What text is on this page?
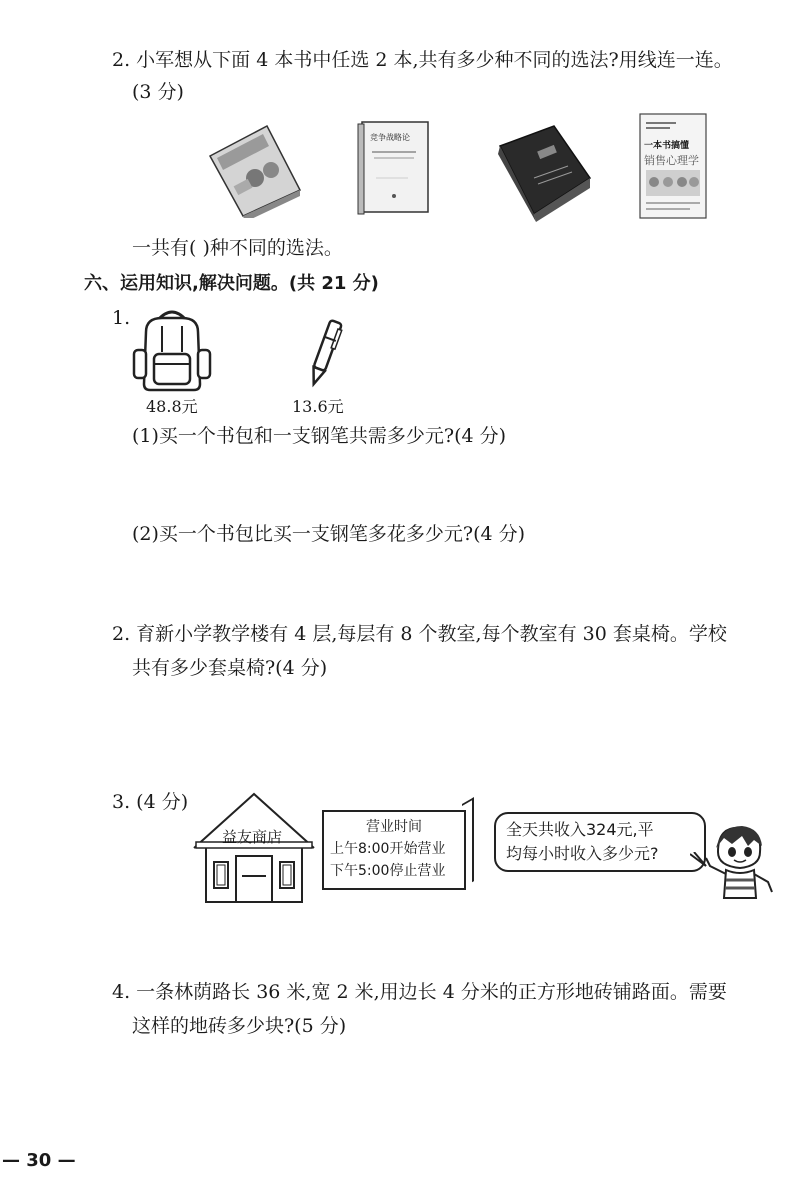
2. 小军想从下面 4 本书中任选 2 本,共有多少种不同的选法?用线连一连。
(3 分)
竞争战略论
一本书搞懂
销售心理学
一共有( )种不同的选法。
六、运用知识,解决问题。(共 21 分)
1.
48.8元	13.6元
(1)买一个书包和一支钢笔共需多少元?(4 分)
(2)买一个书包比买一支钢笔多花多少元?(4 分)
2. 育新小学教学楼有 4 层,每层有 8 个教室,每个教室有 30 套桌椅。学校
共有多少套桌椅?(4 分)
3. (4 分)
益友商店
营业时间
上午8:00开始营业
下午5:00停止营业
全天共收入324元,平
均每小时收入多少元?
4. 一条林荫路长 36 米,宽 2 米,用边长 4 分米的正方形地砖铺路面。需要
这样的地砖多少块?(5 分)
— 30 —
